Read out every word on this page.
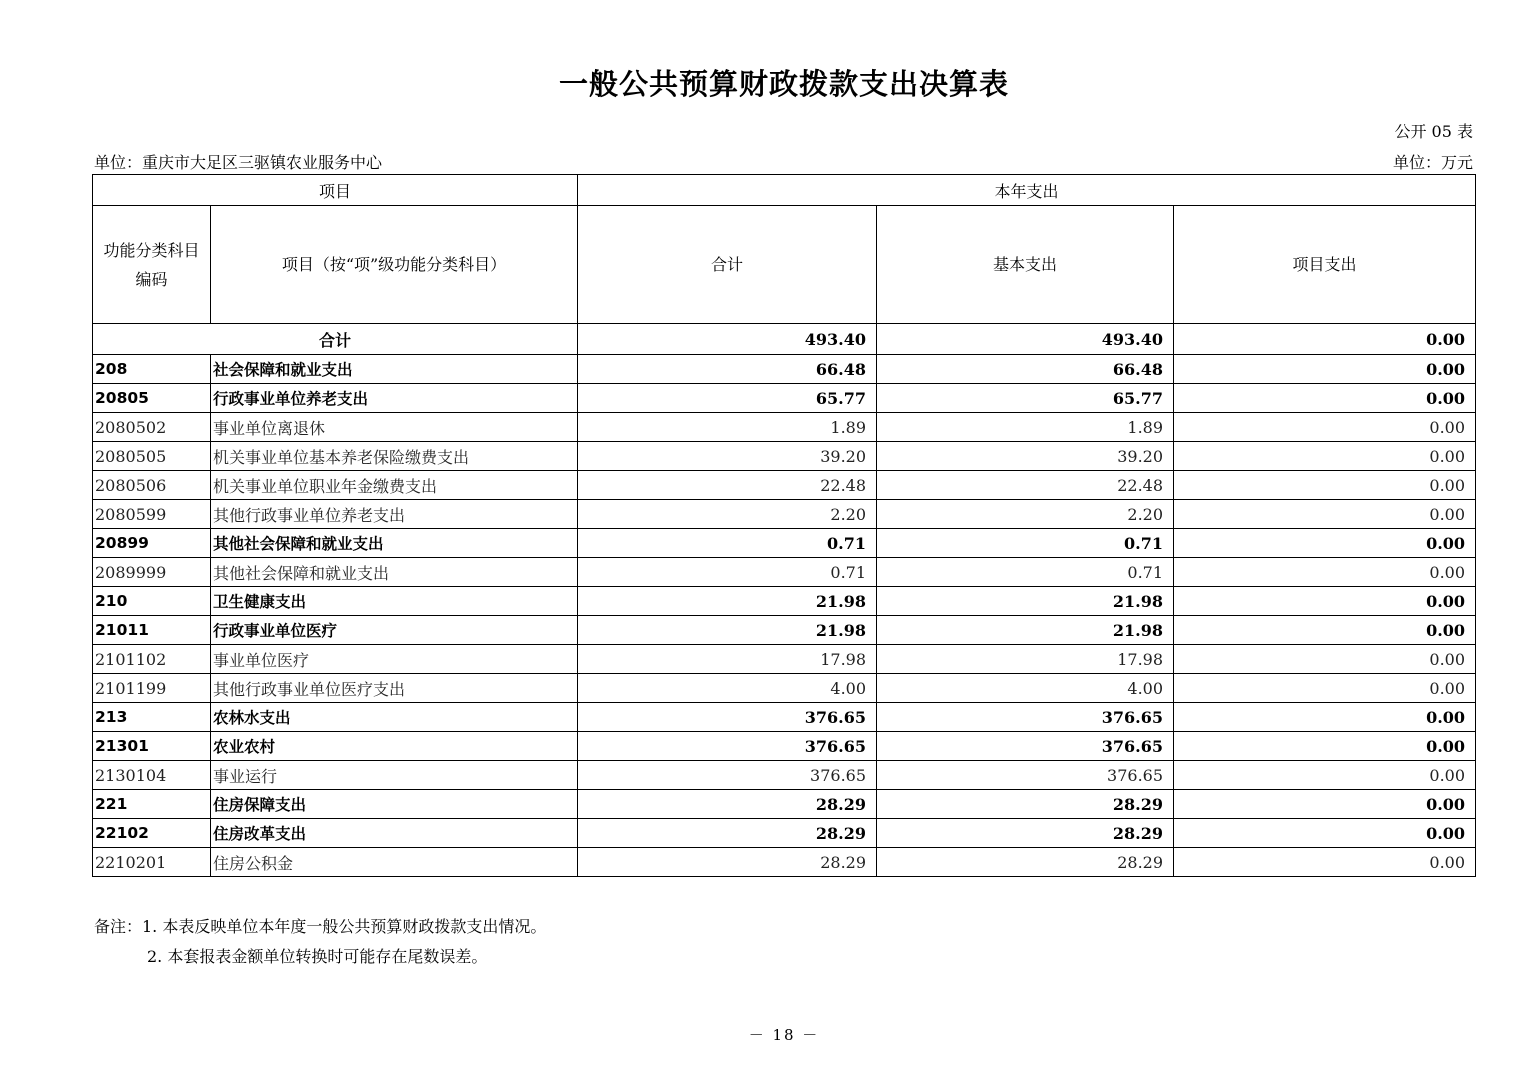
一般公共预算财政拨款支出决算表
公开 05 表
单位：重庆市大足区三驱镇农业服务中心	单位：万元
项目		本年支出		
功能分类科目
编码	项目（按“项”级功能分类科目）	合计	基本支出	项目支出
合计		493.40	493.40	0.00
208	社会保障和就业支出	66.48	66.48	0.00
20805	行政事业单位养老支出	65.77	65.77	0.00
2080502	事业单位离退休	1.89	1.89	0.00
2080505	机关事业单位基本养老保险缴费支出	39.20	39.20	0.00
2080506	机关事业单位职业年金缴费支出	22.48	22.48	0.00
2080599	其他行政事业单位养老支出	2.20	2.20	0.00
20899	其他社会保障和就业支出	0.71	0.71	0.00
2089999	其他社会保障和就业支出	0.71	0.71	0.00
210	卫生健康支出	21.98	21.98	0.00
21011	行政事业单位医疗	21.98	21.98	0.00
2101102	事业单位医疗	17.98	17.98	0.00
2101199	其他行政事业单位医疗支出	4.00	4.00	0.00
213	农林水支出	376.65	376.65	0.00
21301	农业农村	376.65	376.65	0.00
2130104	事业运行	376.65	376.65	0.00
221	住房保障支出	28.29	28.29	0.00
22102	住房改革支出	28.29	28.29	0.00
2210201	住房公积金	28.29	28.29	0.00
备注：1. 本表反映单位本年度一般公共预算财政拨款支出情况。
2. 本套报表金额单位转换时可能存在尾数误差。
－ 18 －
